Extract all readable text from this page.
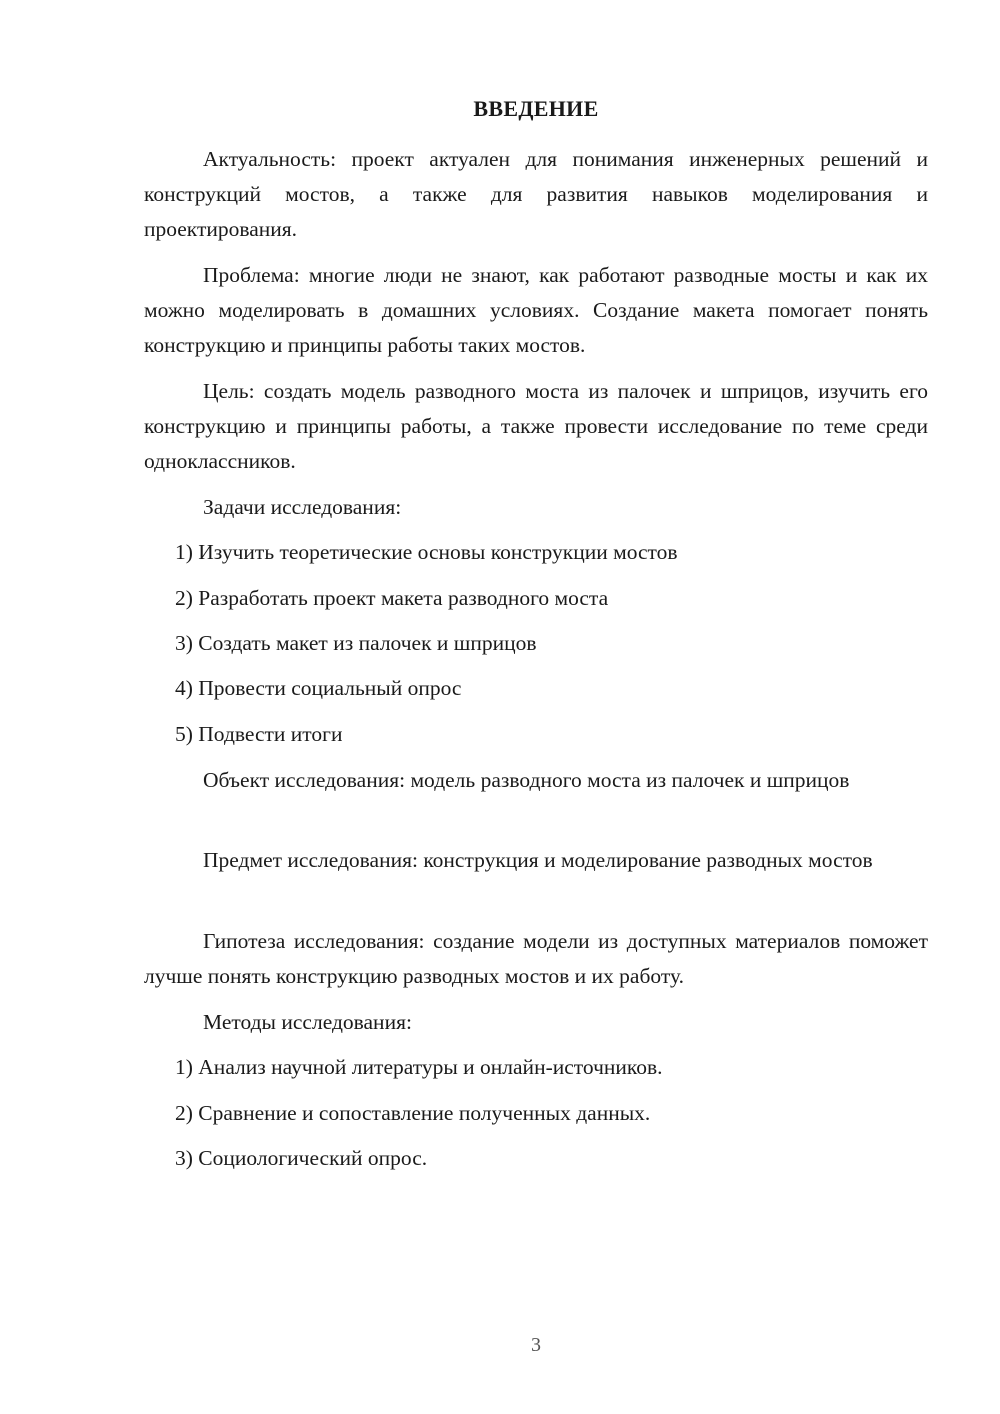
ВВЕДЕНИЕ

Актуальность: проект актуален для понимания инженерных решений и конструкций мостов, а также для развития навыков моделирования и проектирования.

Проблема: многие люди не знают, как работают разводные мосты и как их можно моделировать в домашних условиях. Создание макета помогает понять конструкцию и принципы работы таких мостов.

Цель: создать модель разводного моста из палочек и шприцов, изучить его конструкцию и принципы работы, а также провести исследование по теме среди одноклассников.

Задачи исследования:

1) Изучить теоретические основы конструкции мостов

2) Разработать проект макета разводного моста

3) Создать макет из палочек и шприцов

4) Провести социальный опрос

5) Подвести итоги

Объект исследования: модель разводного моста из палочек и шприцов

Предмет исследования: конструкция и моделирование разводных мостов

Гипотеза исследования: создание модели из доступных материалов поможет лучше понять конструкцию разводных мостов и их работу.

Методы исследования:

1) Анализ научной литературы и онлайн-источников.

2) Сравнение и сопоставление полученных данных.

3) Социологический опрос.

3
